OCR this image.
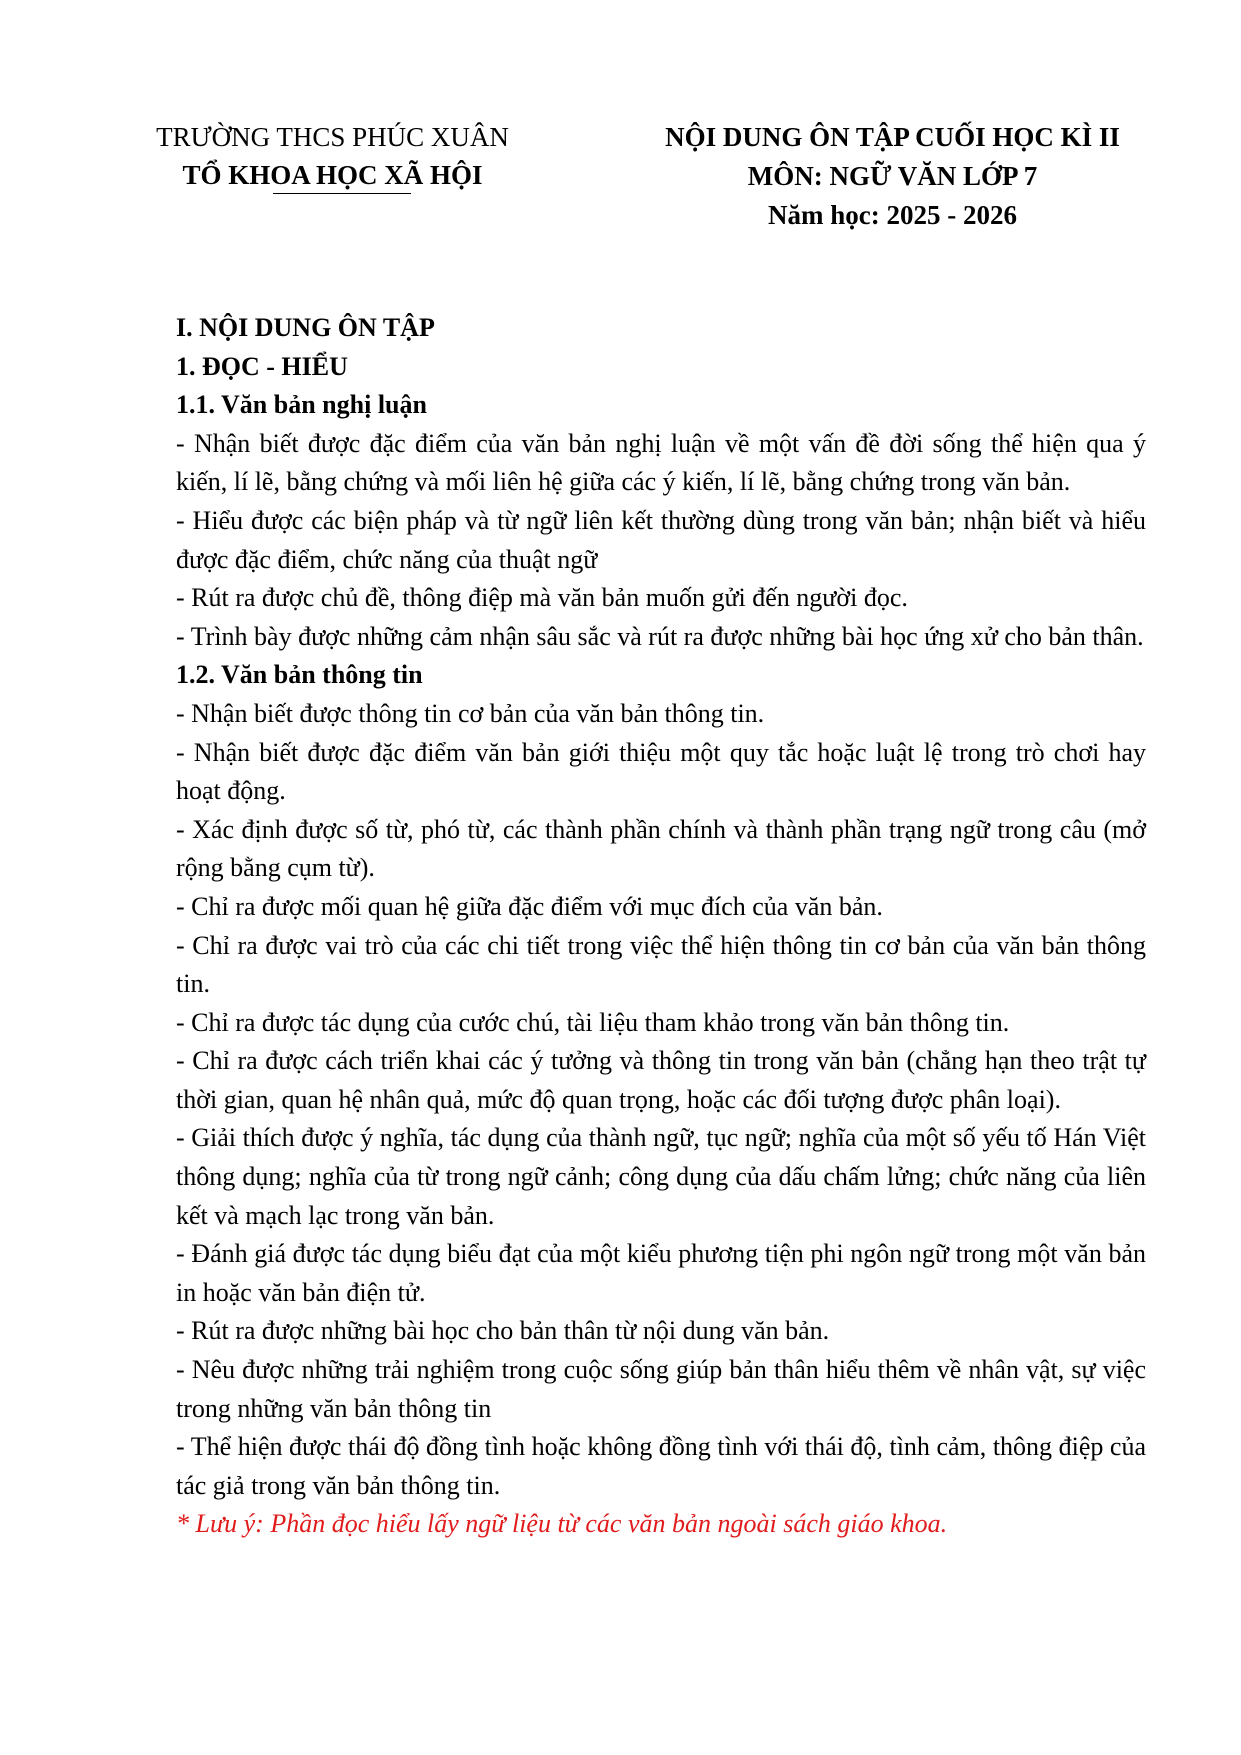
TRƯỜNG THCS PHÚC XUÂN
TỔ KHOA HỌC XÃ HỘI
NỘI DUNG ÔN TẬP CUỐI HỌC KÌ II
MÔN: NGỮ VĂN LỚP 7
Năm học: 2025 - 2026

I. NỘI DUNG ÔN TẬP

1. ĐỌC - HIỂU

1.1. Văn bản nghị luận

- Nhận biết được đặc điểm của văn bản nghị luận về một vấn đề đời sống thể hiện qua ý kiến, lí lẽ, bằng chứng và mối liên hệ giữa các ý kiến, lí lẽ, bằng chứng trong văn bản.

- Hiểu được các biện pháp và từ ngữ liên kết thường dùng trong văn bản; nhận biết và hiểu được đặc điểm, chức năng của thuật ngữ

- Rút ra được chủ đề, thông điệp mà văn bản muốn gửi đến người đọc.

- Trình bày được những cảm nhận sâu sắc và rút ra được những bài học ứng xử cho bản thân.

1.2. Văn bản thông tin

- Nhận biết được thông tin cơ bản của văn bản thông tin.

- Nhận biết được đặc điểm văn bản giới thiệu một quy tắc hoặc luật lệ trong trò chơi hay hoạt động.

- Xác định được số từ, phó từ, các thành phần chính và thành phần trạng ngữ trong câu (mở rộng bằng cụm từ).

- Chỉ ra được mối quan hệ giữa đặc điểm với mục đích của văn bản.

- Chỉ ra được vai trò của các chi tiết trong việc thể hiện thông tin cơ bản của văn bản thông tin.

- Chỉ ra được tác dụng của cước chú, tài liệu tham khảo trong văn bản thông tin.

- Chỉ ra được cách triển khai các ý tưởng và thông tin trong văn bản (chẳng hạn theo trật tự thời gian, quan hệ nhân quả, mức độ quan trọng, hoặc các đối tượng được phân loại).

- Giải thích được ý nghĩa, tác dụng của thành ngữ, tục ngữ; nghĩa của một số yếu tố Hán Việt thông dụng; nghĩa của từ trong ngữ cảnh; công dụng của dấu chấm lửng; chức năng của liên kết và mạch lạc trong văn bản.

- Đánh giá được tác dụng biểu đạt của một kiểu phương tiện phi ngôn ngữ trong một văn bản in hoặc văn bản điện tử.

- Rút ra được những bài học cho bản thân từ nội dung văn bản.

- Nêu được những trải nghiệm trong cuộc sống giúp bản thân hiểu thêm về nhân vật, sự việc trong những văn bản thông tin

- Thể hiện được thái độ đồng tình hoặc không đồng tình với thái độ, tình cảm, thông điệp của tác giả trong văn bản thông tin.

* Lưu ý: Phần đọc hiểu lấy ngữ liệu từ các văn bản ngoài sách giáo khoa.
